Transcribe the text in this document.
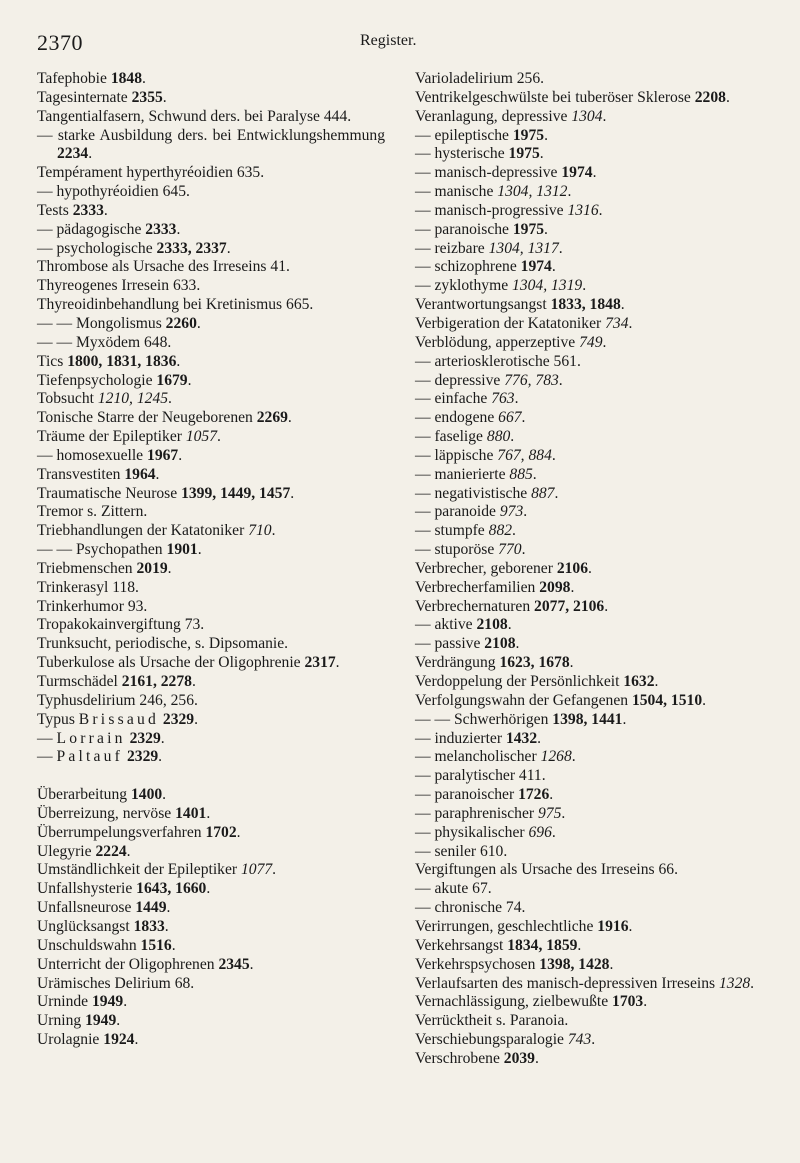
2370	Register.

Tafephobie 1848.

Tagesinternate 2355.

Tangentialfasern, Schwund ders. bei Paralyse 444.

— starke Ausbildung ders. bei Entwicklungshemmung 2234.

Tempérament hyperthyréoidien 635.

— hypothyréoidien 645.

Tests 2333.

— pädagogische 2333.

— psychologische 2333, 2337.

Thrombose als Ursache des Irreseins 41.

Thyreogenes Irresein 633.

Thyreoidinbehandlung bei Kretinismus 665.

— — Mongolismus 2260.

— — Myxödem 648.

Tics 1800, 1831, 1836.

Tiefenpsychologie 1679.

Tobsucht 1210, 1245.

Tonische Starre der Neugeborenen 2269.

Träume der Epileptiker 1057.

— homosexuelle 1967.

Transvestiten 1964.

Traumatische Neurose 1399, 1449, 1457.

Tremor s. Zittern.

Triebhandlungen der Katatoniker 710.

— — Psychopathen 1901.

Triebmenschen 2019.

Trinkerasyl 118.

Trinkerhumor 93.

Tropakokainvergiftung 73.

Trunksucht, periodische, s. Dipsomanie.

Tuberkulose als Ursache der Oligophrenie 2317.

Turmschädel 2161, 2278.

Typhusdelirium 246, 256.

Typus Brissaud 2329.

— Lorrain 2329.

— Paltauf 2329.

Überarbeitung 1400.

Überreizung, nervöse 1401.

Überrumpelungsverfahren 1702.

Ulegyrie 2224.

Umständlichkeit der Epileptiker 1077.

Unfallshysterie 1643, 1660.

Unfallsneurose 1449.

Unglücksangst 1833.

Unschuldswahn 1516.

Unterricht der Oligophrenen 2345.

Urämisches Delirium 68.

Urninde 1949.

Urning 1949.

Urolagnie 1924.

Varioladelirium 256.

Ventrikelgeschwülste bei tuberöser Sklerose 2208.

Veranlagung, depressive 1304.

— epileptische 1975.

— hysterische 1975.

— manisch-depressive 1974.

— manische 1304, 1312.

— manisch-progressive 1316.

— paranoische 1975.

— reizbare 1304, 1317.

— schizophrene 1974.

— zyklothyme 1304, 1319.

Verantwortungsangst 1833, 1848.

Verbigeration der Katatoniker 734.

Verblödung, apperzeptive 749.

— arteriosklerotische 561.

— depressive 776, 783.

— einfache 763.

— endogene 667.

— faselige 880.

— läppische 767, 884.

— manierierte 885.

— negativistische 887.

— paranoide 973.

— stumpfe 882.

— stuporöse 770.

Verbrecher, geborener 2106.

Verbrecherfamilien 2098.

Verbrechernaturen 2077, 2106.

— aktive 2108.

— passive 2108.

Verdrängung 1623, 1678.

Verdoppelung der Persönlichkeit 1632.

Verfolgungswahn der Gefangenen 1504, 1510.

— — Schwerhörigen 1398, 1441.

— induzierter 1432.

— melancholischer 1268.

— paralytischer 411.

— paranoischer 1726.

— paraphrenischer 975.

— physikalischer 696.

— seniler 610.

Vergiftungen als Ursache des Irreseins 66.

— akute 67.

— chronische 74.

Verirrungen, geschlechtliche 1916.

Verkehrsangst 1834, 1859.

Verkehrspsychosen 1398, 1428.

Verlaufsarten des manisch-depressiven Irreseins 1328.

Vernachlässigung, zielbewußte 1703.

Verrücktheit s. Paranoia.

Verschiebungsparalogie 743.

Verschrobene 2039.
